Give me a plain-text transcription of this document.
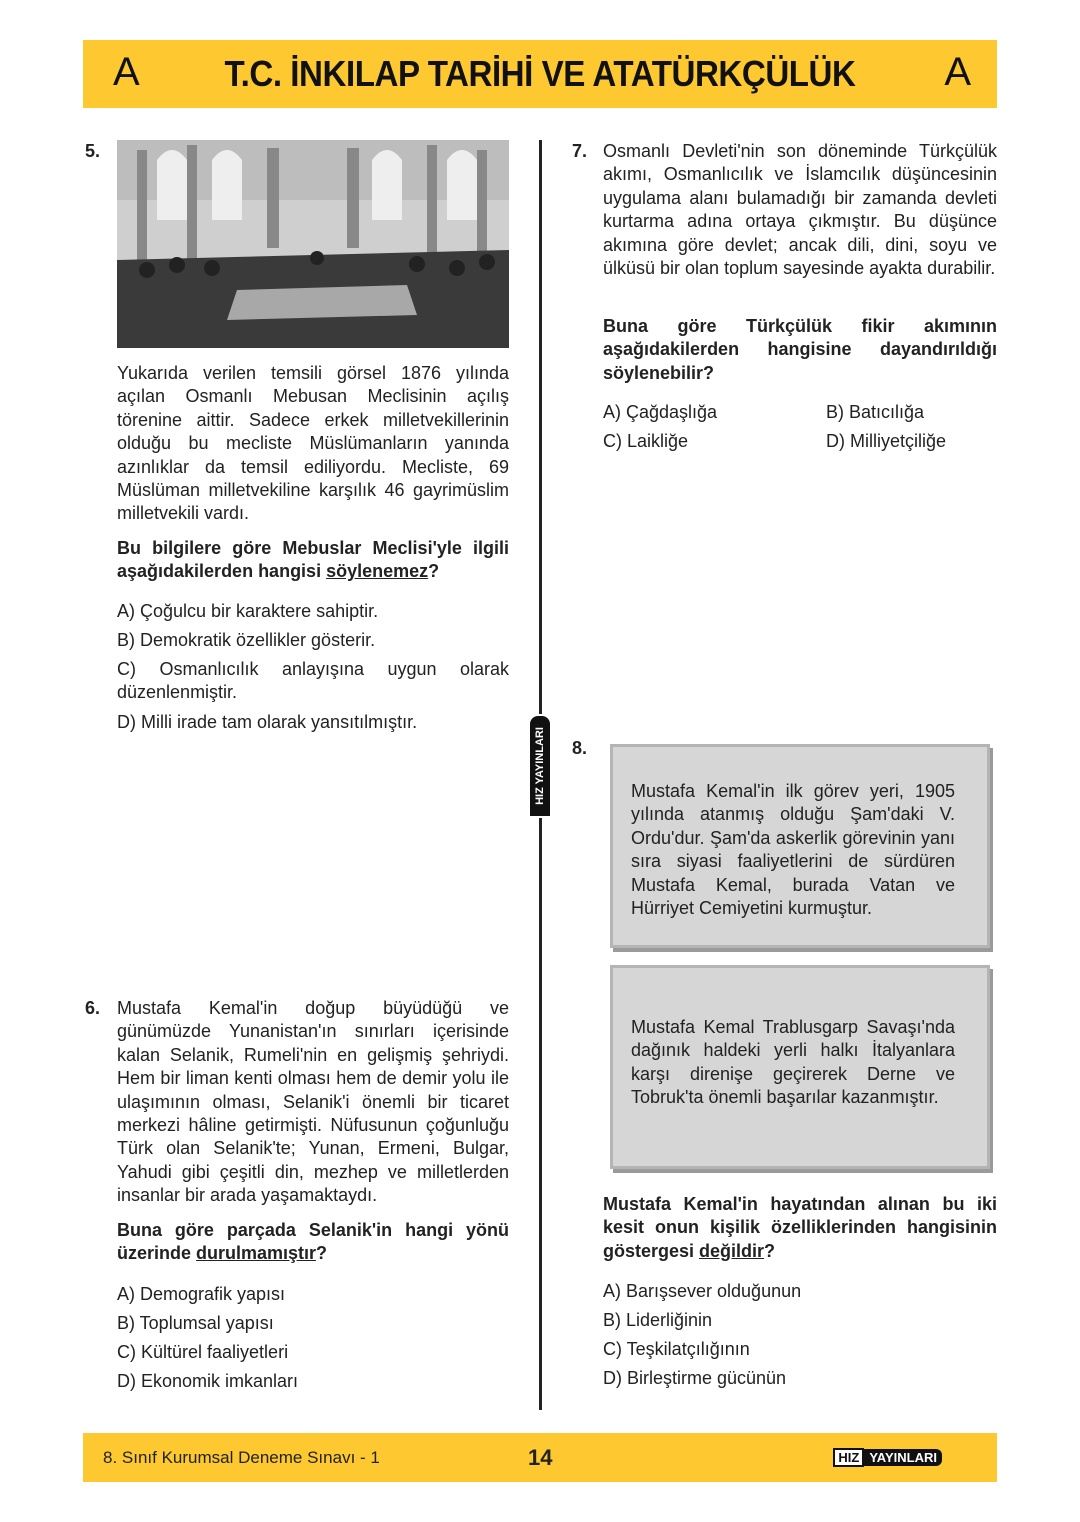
A	T.C. İNKILAP TARİHİ VE ATATÜRKÇÜLÜK	A
5.
Yukarıda verilen temsili görsel 1876 yılında açılan Osmanlı Mebusan Meclisinin açılış törenine aittir. Sadece erkek milletvekillerinin olduğu bu mecliste Müslümanların yanında azınlıklar da temsil ediliyordu. Mecliste, 69 Müslüman milletvekiline karşılık 46 gayrimüslim milletvekili vardı.
Bu bilgilere göre Mebuslar Meclisi'yle ilgili aşağıdakilerden hangisi söylenemez?
A) Çoğulcu bir karaktere sahiptir.
B) Demokratik özellikler gösterir.
C) Osmanlıcılık anlayışına uygun olarak düzenlenmiştir.
D) Milli irade tam olarak yansıtılmıştır.
6. Mustafa Kemal'in doğup büyüdüğü ve günümüzde Yunanistan'ın sınırları içerisinde kalan Selanik, Rumeli'nin en gelişmiş şehriydi. Hem bir liman kenti olması hem de demir yolu ile ulaşımının olması, Selanik'i önemli bir ticaret merkezi hâline getirmişti. Nüfusunun çoğunluğu Türk olan Selanik'te; Yunan, Ermeni, Bulgar, Yahudi gibi çeşitli din, mezhep ve milletlerden insanlar bir arada yaşamaktaydı.
Buna göre parçada Selanik'in hangi yönü üzerinde durulmamıştır?
A) Demografik yapısı
B) Toplumsal yapısı
C) Kültürel faaliyetleri
D) Ekonomik imkanları
HIZ YAYINLARI
7. Osmanlı Devleti'nin son döneminde Türkçülük akımı, Osmanlıcılık ve İslamcılık düşüncesinin uygulama alanı bulamadığı bir zamanda devleti kurtarma adına ortaya çıkmıştır. Bu düşünce akımına göre devlet; ancak dili, dini, soyu ve ülküsü bir olan toplum sayesinde ayakta durabilir.
Buna göre Türkçülük fikir akımının aşağıdakilerden hangisine dayandırıldığı söylenebilir?
A) Çağdaşlığa	B) Batıcılığa
C) Laikliğe	D) Milliyetçiliğe
8.
Mustafa Kemal'in ilk görev yeri, 1905 yılında atanmış olduğu Şam'daki V. Ordu'dur. Şam'da askerlik görevinin yanı sıra siyasi faaliyetlerini de sürdüren Mustafa Kemal, burada Vatan ve Hürriyet Cemiyetini kurmuştur.
Mustafa Kemal Trablusgarp Savaşı'nda dağınık haldeki yerli halkı İtalyanlara karşı direnişe geçirerek Derne ve Tobruk'ta önemli başarılar kazanmıştır.
Mustafa Kemal'in hayatından alınan bu iki kesit onun kişilik özelliklerinden hangisinin göstergesi değildir?
A) Barışsever olduğunun
B) Liderliğinin
C) Teşkilatçılığının
D) Birleştirme gücünün
8. Sınıf Kurumsal Deneme Sınavı - 1	14	HIZ YAYINLARI
